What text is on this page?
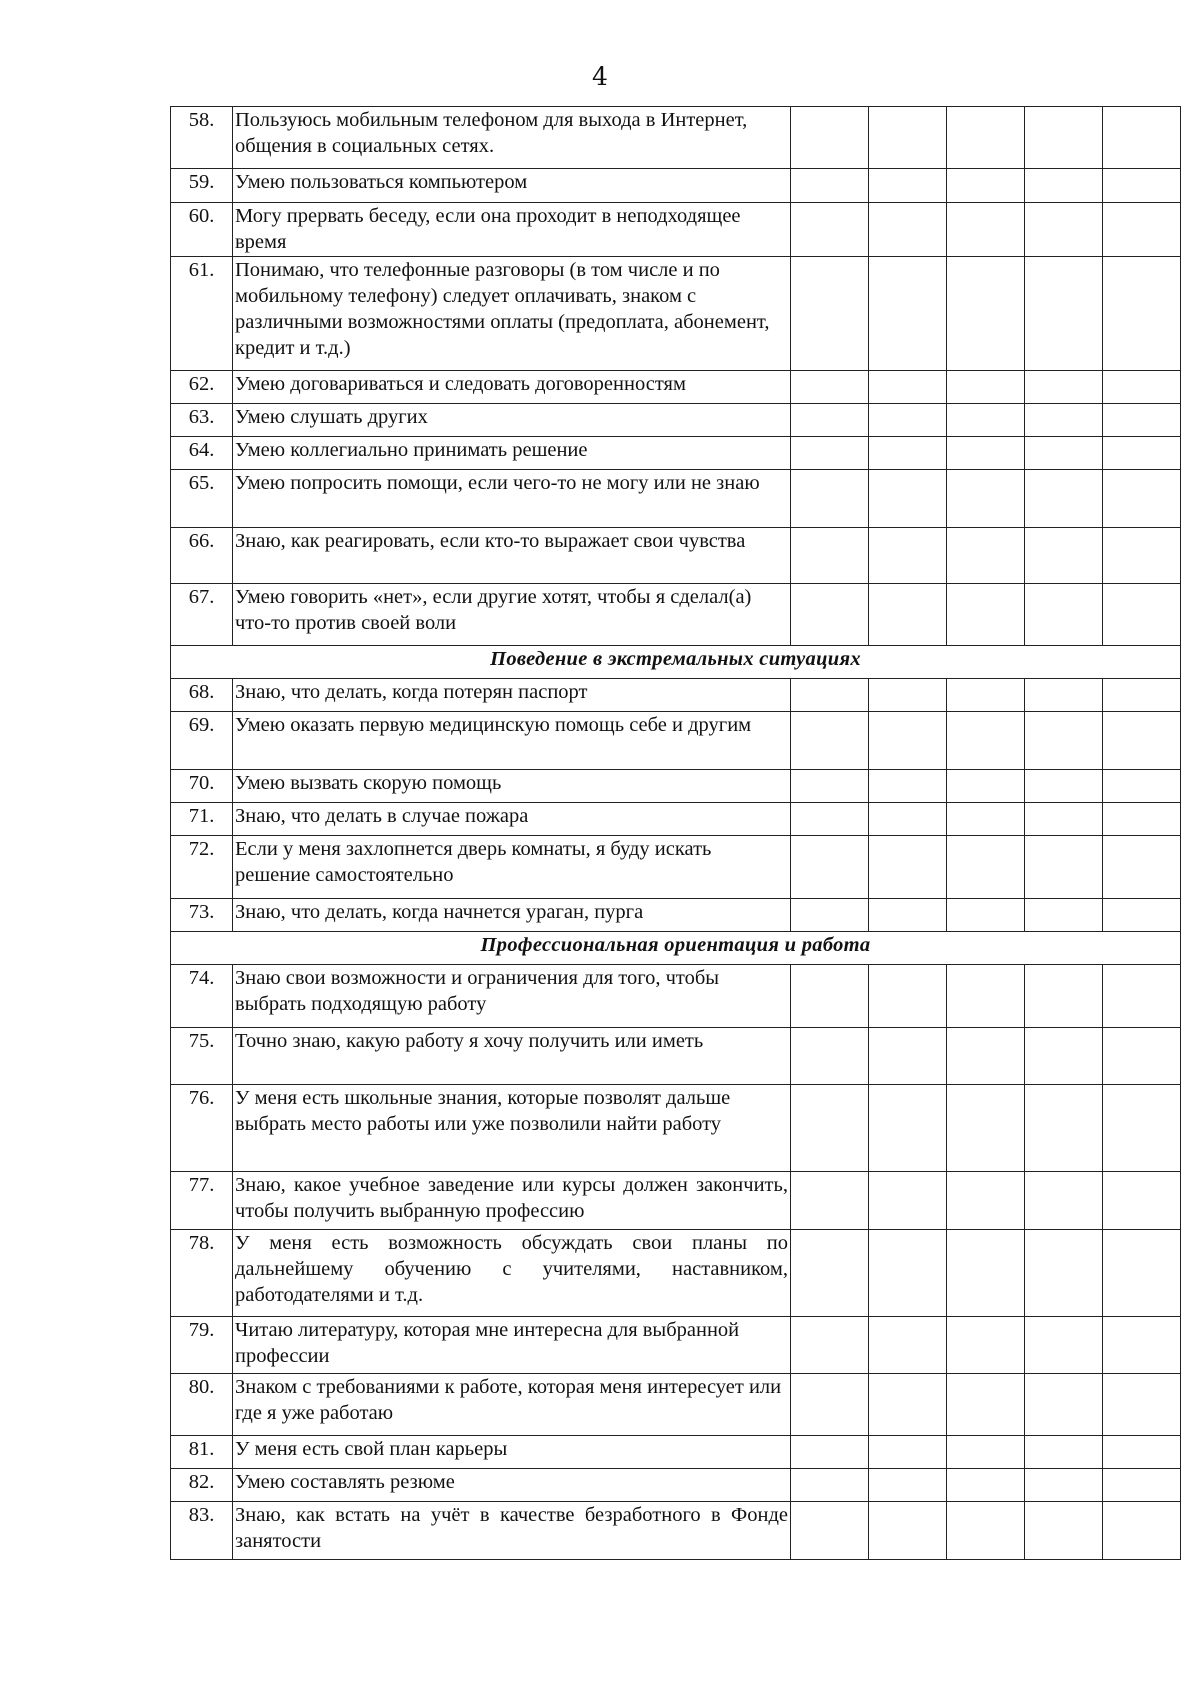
4
58.	Пользуюсь мобильным телефоном для выхода в Интернет, общения в социальных сетях.					
59.	Умею пользоваться компьютером					
60.	Могу прервать беседу, если она проходит в неподходящее время					
61.	Понимаю, что телефонные разговоры (в том числе и по мобильному телефону) следует оплачивать, знаком с различными возможностями оплаты (предоплата, абонемент, кредит и т.д.)					
62.	Умею договариваться и следовать договоренностям					
63.	Умею слушать других					
64.	Умею коллегиально принимать решение					
65.	Умею попросить помощи, если чего-то не могу или не знаю					
66.	Знаю, как реагировать, если кто-то выражает свои чувства					
67.	Умею говорить «нет», если другие хотят, чтобы я сделал(а) что-то против своей воли					
Поведение в экстремальных ситуациях						
68.	Знаю, что делать, когда потерян паспорт					
69.	Умею оказать первую медицинскую помощь себе и другим					
70.	Умею вызвать скорую помощь					
71.	Знаю, что делать в случае пожара					
72.	Если у меня захлопнется дверь комнаты, я буду искать решение самостоятельно					
73.	Знаю, что делать, когда начнется ураган, пурга					
Профессиональная ориентация и работа						
74.	Знаю свои возможности и ограничения для того, чтобы выбрать подходящую работу					
75.	Точно знаю, какую работу я хочу получить или иметь					
76.	У меня есть школьные знания, которые позволят дальше выбрать место работы или уже позволили найти работу					
77.	Знаю, какое учебное заведение или курсы должен закончить, чтобы получить выбранную профессию					
78.	У меня есть возможность обсуждать свои планы по дальнейшему обучению с учителями, наставником, работодателями и т.д.					
79.	Читаю литературу, которая мне интересна для выбранной профессии					
80.	Знаком с требованиями к работе, которая меня интересует или где я уже работаю					
81.	У меня есть свой план карьеры					
82.	Умею составлять резюме					
83.	Знаю, как встать на учёт в качестве безработного в Фонде занятости					
